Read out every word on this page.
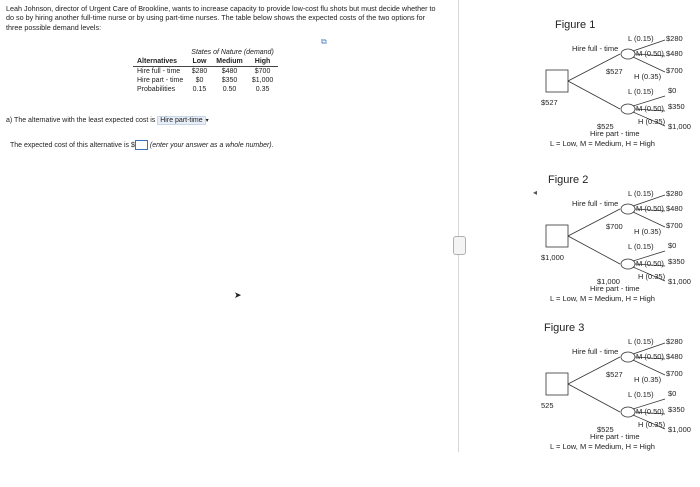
Leah Johnson, director of Urgent Care of Brookline, wants to increase capacity to provide low-cost flu shots but must decide whether to do so by hiring another full-time nurse or by using part-time nurses. The table below shows the expected costs of the two options for three possible demand levels:
⧉
	States of Nature (demand)		
Alternatives	Low	Medium	High
Hire full - time	$280	$480	$700
Hire part - time	$0	$350	$1,000
Probabilities	0.15	0.50	0.35
a) The alternative with the least expected cost is Hire part-time ▾
The expected cost of this alternative is $ (enter your answer as a whole number).
➤
◂
Figure 1
Figure 2
Figure 3
$527
Hire full - time
$527
Hire part - time
$525
L (0.15) $280
M (0.50) $480
H (0.35)
$700
L (0.15) $0
M (0.50) $350
H (0.35)
$1,000
L = Low, M = Medium, H = High
$1,000
Hire full - time
$700
Hire part - time
$1,000
L (0.15) $280
M (0.50) $480
H (0.35)
$700
L (0.15) $0
M (0.50) $350
H (0.35)
$1,000
L = Low, M = Medium, H = High
525
Hire full - time
$527
Hire part - time
$525
L (0.15) $280
M (0.50) $480
H (0.35)
$700
L (0.15) $0
M (0.50) $350
H (0.35)
$1,000
L = Low, M = Medium, H = High
